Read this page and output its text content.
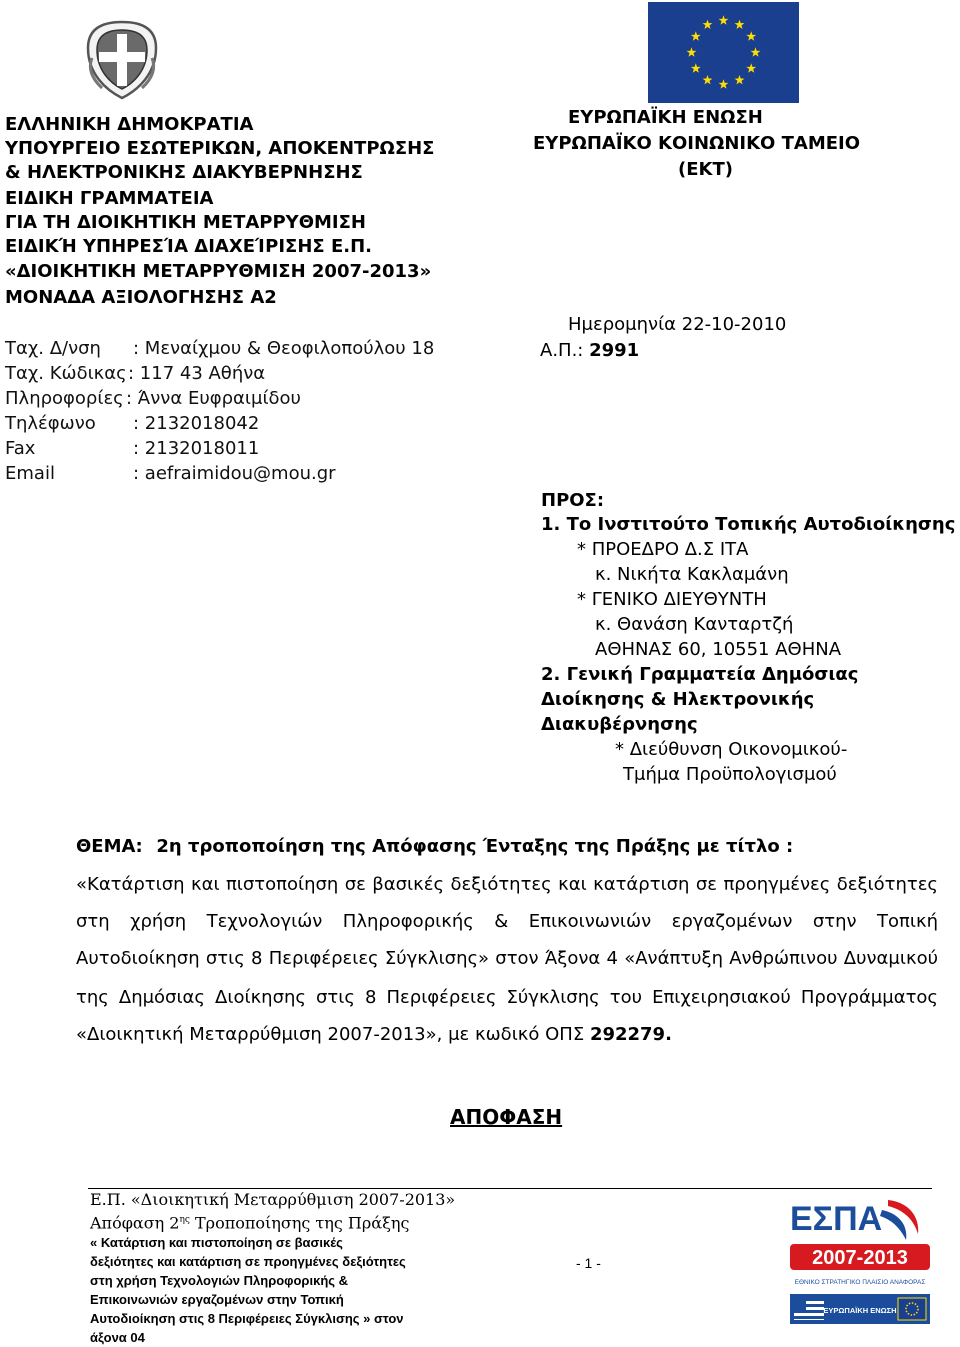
ΕΛΛΗΝΙΚΗ ΔΗΜΟΚΡΑΤΙΑ
ΥΠΟΥΡΓΕΙΟ ΕΣΩΤΕΡΙΚΩΝ, ΑΠΟΚΕΝΤΡΩΣΗΣ
& ΗΛΕΚΤΡΟΝΙΚΗΣ ΔΙΑΚΥΒΕΡΝΗΣΗΣ
ΕΙΔΙΚΗ ΓΡΑΜΜΑΤΕΙΑ
ΓΙΑ ΤΗ ΔΙΟΙΚΗΤΙΚΗ ΜΕΤΑΡΡΥΘΜΙΣΗ
ΕΙΔΙΚΉ ΥΠΗΡΕΣΊΑ ΔΙΑΧΕΊΡΙΣΗΣ Ε.Π.
«ΔΙΟΙΚΗΤΙΚΗ ΜΕΤΑΡΡΥΘΜΙΣΗ 2007-2013»
ΜΟΝΑΔΑ ΑΞΙΟΛΟΓΗΣΗΣ Α2
Ταχ. Δ/νση : Μεναίχμου & Θεοφιλοπούλου 18
Ταχ. Κώδικας : 117 43 Αθήνα
Πληροφορίες : Άννα Ευφραιμίδου
Τηλέφωνο : 2132018042
Fax	: 2132018011
Email	: aefraimidou@mou.gr
ΕΥΡΩΠΑΪΚΗ ΕΝΩΣΗ
ΕΥΡΩΠΑΪΚΟ ΚΟΙΝΩΝΙΚΟ ΤΑΜΕΙΟ
(ΕΚΤ)
Ημερομηνία 22-10-2010
Α.Π.: 2991
ΠΡΟΣ:
1. Το Ινστιτούτο Τοπικής Αυτοδιοίκησης
* ΠΡΟΕΔΡΟ Δ.Σ ΙΤΑ
κ. Νικήτα Κακλαμάνη
* ΓΕΝΙΚΟ ΔΙΕΥΘΥΝΤΗ
κ. Θανάση Κανταρτζή
ΑΘΗΝΑΣ 60, 10551 ΑΘΗΝΑ
2. Γενική Γραμματεία Δημόσιας
Διοίκησης & Ηλεκτρονικής
Διακυβέρνησης
* Διεύθυνση Οικονομικού-
Τμήμα Προϋπολογισμού
ΘΕΜΑ: 2η τροποποίηση της Απόφασης Ένταξης της Πράξης με τίτλο :
«Κατάρτιση και πιστοποίηση σε βασικές δεξιότητες και κατάρτιση σε προηγμένες δεξιότητες
στη χρήση Τεχνολογιών Πληροφορικής & Επικοινωνιών εργαζομένων στην Τοπική
Αυτοδιοίκηση στις 8 Περιφέρειες Σύγκλισης» στον Άξονα 4 «Ανάπτυξη Ανθρώπινου Δυναμικού
της Δημόσιας Διοίκησης στις 8 Περιφέρειες Σύγκλισης του Επιχειρησιακού Προγράμματος
«Διοικητική Μεταρρύθμιση 2007-2013», με κωδικό ΟΠΣ 292279.
ΑΠΟΦΑΣΗ
Ε.Π. «Διοικητική Μεταρρύθμιση 2007-2013»
Απόφαση $2^{\eta\varsigma}$ Τροποποίησης της Πράξης
« Κατάρτιση και πιστοποίηση σε βασικές
δεξιότητες και κατάρτιση σε προηγμένες δεξιότητες
στη χρήση Τεχνολογιών Πληροφορικής &
Επικοινωνιών εργαζομένων στην Τοπική
Αυτοδιοίκηση στις 8 Περιφέρειες Σύγκλισης » στον
άξονα 04
- 1 -
ΕΣΠΑ
2007-2013
ΕΘΝΙΚΟ ΣΤΡΑΤΗΓΙΚΟ ΠΛΑΙΣΙΟ ΑΝΑΦΟΡΑΣ
ΕΥΡΩΠΑΪΚΗ ΕΝΩΣΗ
